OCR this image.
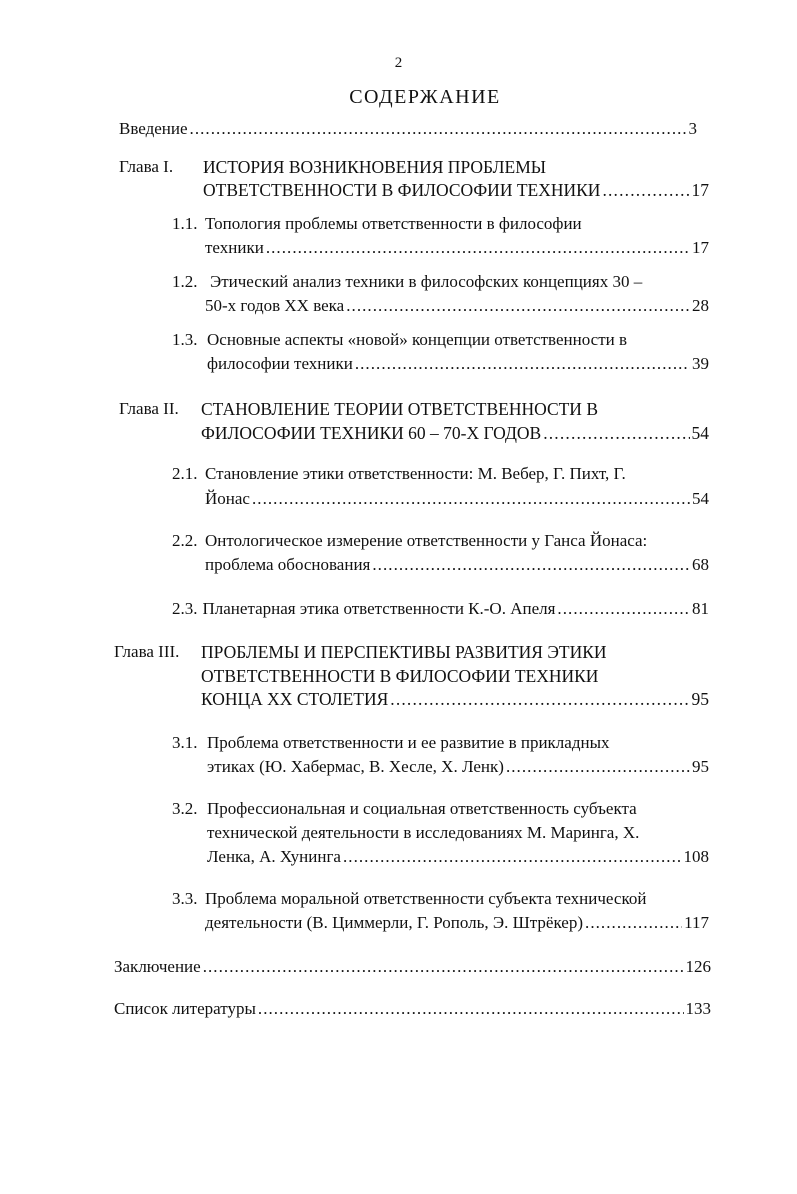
2
СОДЕРЖАНИЕ
Введение . . .	3
Глава I. ИСТОРИЯ ВОЗНИКНОВЕНИЯ ПРОБЛЕМЫ
ОТВЕТСТВЕННОСТИ В ФИЛОСОФИИ ТЕХНИКИ . . .	17
1.1. Топология проблемы ответственности в философии
техники . . .	17
1.2. Этический анализ техники в философских концепциях 30 –
50-х годов XX века . . .	28
1.3. Основные аспекты «новой» концепции ответственности в
философии техники . . .	39
Глава II. СТАНОВЛЕНИЕ ТЕОРИИ ОТВЕТСТВЕННОСТИ В
ФИЛОСОФИИ ТЕХНИКИ 60 – 70-Х ГОДОВ . . .	54
2.1. Становление этики ответственности: М. Вебер, Г. Пихт, Г.
Йонас . . .	54
2.2. Онтологическое измерение ответственности у Ганса Йонаса:
проблема обоснования . . .	68
2.3. Планетарная этика ответственности К.-О. Апеля . . .	81
Глава III. ПРОБЛЕМЫ И ПЕРСПЕКТИВЫ РАЗВИТИЯ ЭТИКИ
ОТВЕТСТВЕННОСТИ В ФИЛОСОФИИ ТЕХНИКИ
КОНЦА XX СТОЛЕТИЯ . . .	95
3.1. Проблема ответственности и ее развитие в прикладных
этиках (Ю. Хабермас, В. Хесле, Х. Ленк) . . .	95
3.2. Профессиональная и социальная ответственность субъекта
технической деятельности в исследованиях М. Маринга, Х.
Ленка, А. Хунинга . . .	108
3.3. Проблема моральной ответственности субъекта технической
деятельности (В. Циммерли, Г. Рополь, Э. Штрёкер) . . .	117
Заключение . . .	126
Список литературы . . .	133
